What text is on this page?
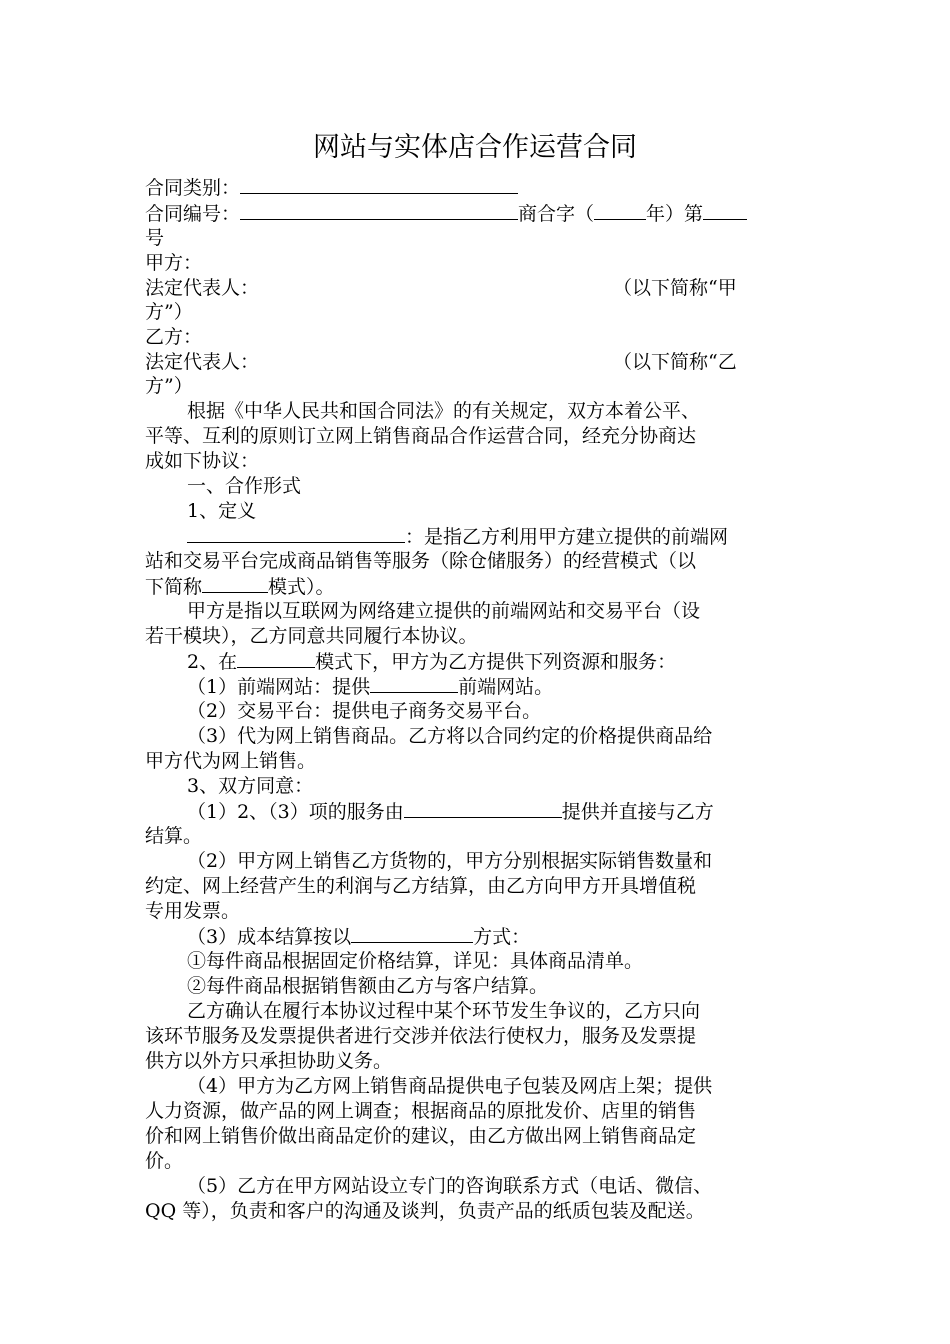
网站与实体店合作运营合同
合同类别：
合同编号：	商合字（	年）第
号
甲方：
法定代表人：	（以下简称“甲
方”）
乙方：
法定代表人：	（以下简称“乙
方”）
根据《中华人民共和国合同法》的有关规定，双方本着公平、
平等、互利的原则订立网上销售商品合作运营合同，经充分协商达
成如下协议：
一、合作形式
1、定义
：是指乙方利用甲方建立提供的前端网
站和交易平台完成商品销售等服务（除仓储服务）的经营模式（以
下简称	模式）。
甲方是指以互联网为网络建立提供的前端网站和交易平台（设
若干模块），乙方同意共同履行本协议。
2、在	模式下，甲方为乙方提供下列资源和服务：
（1）前端网站：提供	前端网站。
（2）交易平台：提供电子商务交易平台。
（3）代为网上销售商品。乙方将以合同约定的价格提供商品给
甲方代为网上销售。
3、双方同意：
（1）2、（3）项的服务由	提供并直接与乙方
结算。
（2）甲方网上销售乙方货物的，甲方分别根据实际销售数量和
约定、网上经营产生的利润与乙方结算，由乙方向甲方开具增值税
专用发票。
（3）成本结算按以	方式：
①每件商品根据固定价格结算，详见：具体商品清单。
②每件商品根据销售额由乙方与客户结算。
乙方确认在履行本协议过程中某个环节发生争议的，乙方只向
该环节服务及发票提供者进行交涉并依法行使权力，服务及发票提
供方以外方只承担协助义务。
（4）甲方为乙方网上销售商品提供电子包装及网店上架；提供
人力资源，做产品的网上调查；根据商品的原批发价、店里的销售
价和网上销售价做出商品定价的建议，由乙方做出网上销售商品定
价。
（5）乙方在甲方网站设立专门的咨询联系方式（电话、微信、
QQ 等），负责和客户的沟通及谈判，负责产品的纸质包装及配送。
